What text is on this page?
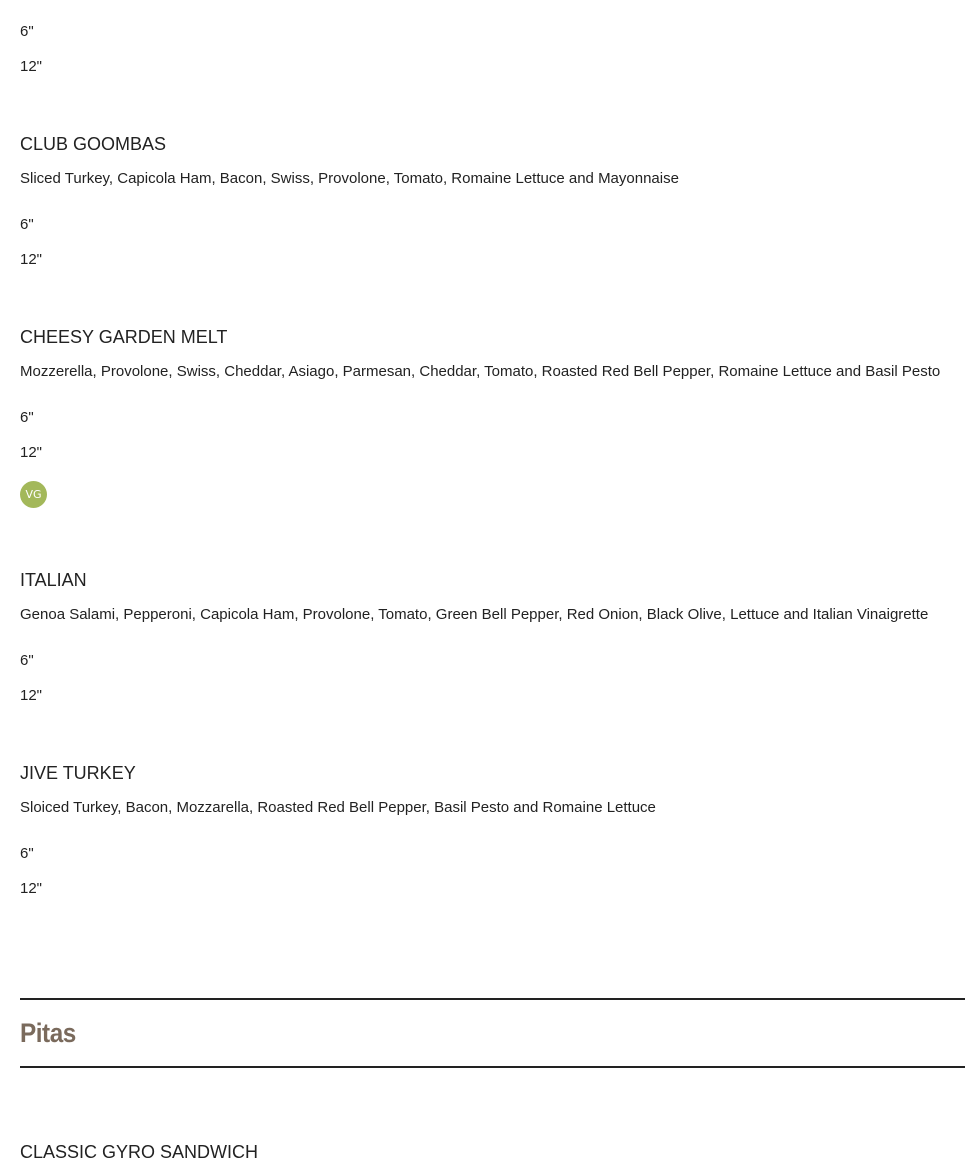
6"
12"
CLUB GOOMBAS
Sliced Turkey, Capicola Ham, Bacon, Swiss, Provolone, Tomato, Romaine Lettuce and Mayonnaise
6"
12"
CHEESY GARDEN MELT
Mozzerella, Provolone, Swiss, Cheddar, Asiago, Parmesan, Cheddar, Tomato, Roasted Red Bell Pepper, Romaine Lettuce and Basil Pesto
6"
12"
VG
ITALIAN
Genoa Salami, Pepperoni, Capicola Ham, Provolone, Tomato, Green Bell Pepper, Red Onion, Black Olive, Lettuce and Italian Vinaigrette
6"
12"
JIVE TURKEY
Sloiced Turkey, Bacon, Mozzarella, Roasted Red Bell Pepper, Basil Pesto and Romaine Lettuce
6"
12"
Pitas
CLASSIC GYRO SANDWICH
